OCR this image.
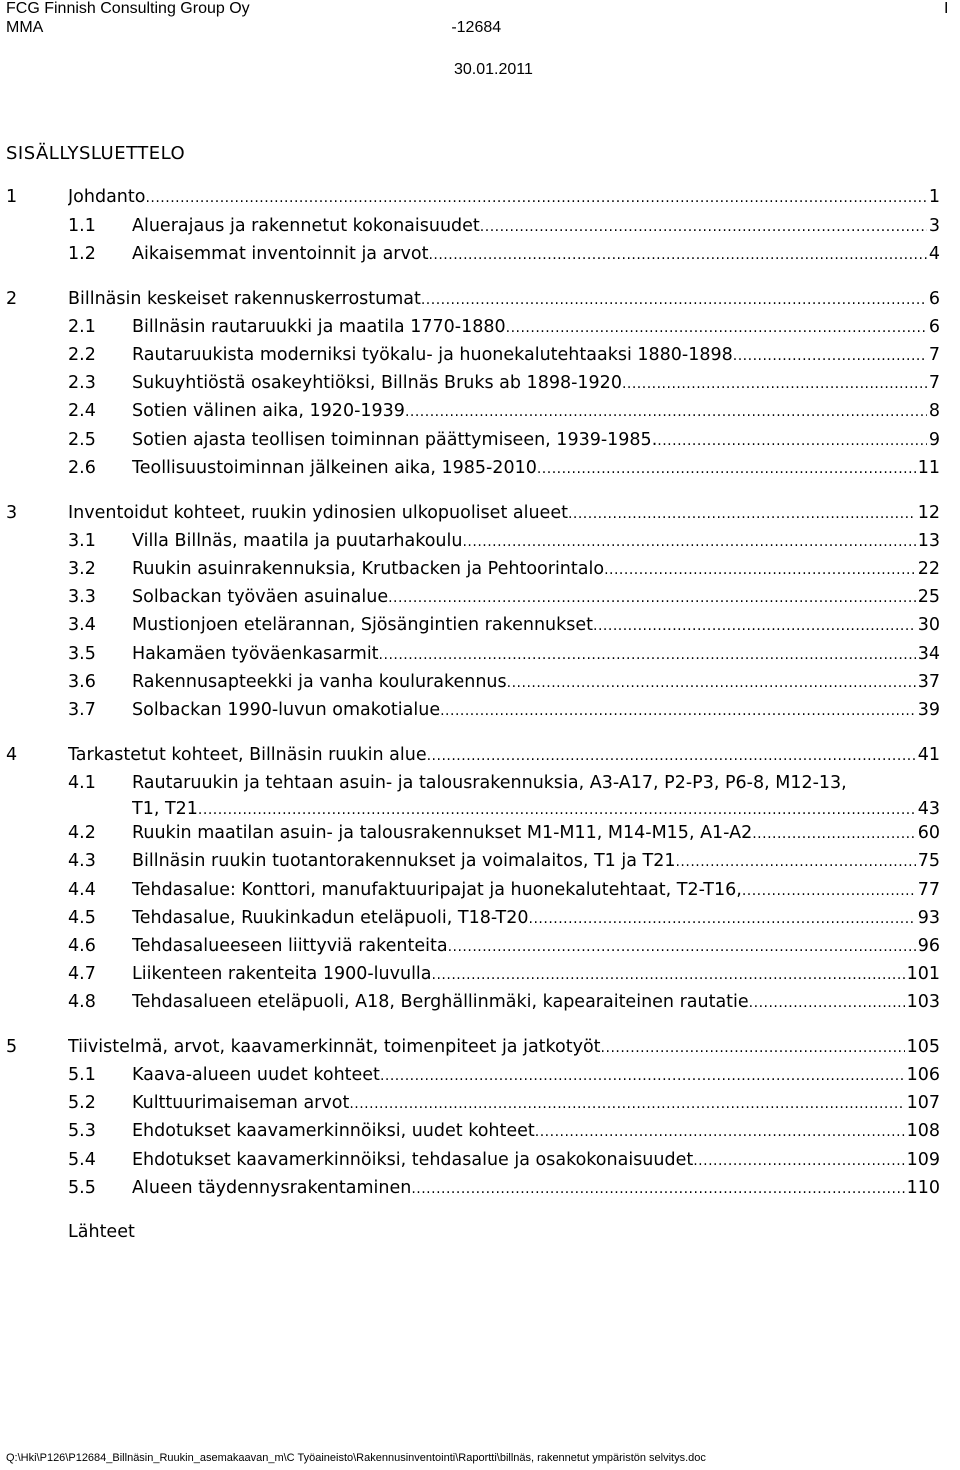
FCG Finnish Consulting Group Oy	I
MMA	-12684
30.01.2011
SISÄLLYSLUETTELO
1	Johdanto .....	1
1.1 Aluerajaus ja rakennetut kokonaisuudet .....	3
1.2 Aikaisemmat inventoinnit ja arvot .....	4
2	Billnäsin keskeiset rakennuskerrostumat .....	6
2.1 Billnäsin rautaruukki ja maatila 1770-1880 .....	6
2.2 Rautaruukista moderniksi työkalu- ja huonekalutehtaaksi 1880-1898 .....	7
2.3 Sukuyhtiöstä osakeyhtiöksi, Billnäs Bruks ab 1898-1920 .....	7
2.4 Sotien välinen aika, 1920-1939 .....	8
2.5 Sotien ajasta teollisen toiminnan päättymiseen, 1939-1985. .....	9
2.6 Teollisuustoiminnan jälkeinen aika, 1985-2010 .....	11
3	Inventoidut kohteet, ruukin ydinosien ulkopuoliset alueet .....	12
3.1 Villa Billnäs, maatila ja puutarhakoulu .....	13
3.2 Ruukin asuinrakennuksia, Krutbacken ja Pehtoorintalo .....	22
3.3 Solbackan työväen asuinalue .....	25
3.4 Mustionjoen etelärannan, Sjösängintien rakennukset .....	30
3.5 Hakamäen työväenkasarmit .....	34
3.6 Rakennusapteekki ja vanha koulurakennus .....	37
3.7 Solbackan 1990-luvun omakotialue .....	39
4	Tarkastetut kohteet, Billnäsin ruukin alue .....	41
4.1 Rautaruukin ja tehtaan asuin- ja talousrakennuksia, A3-A17, P2-P3, P6-8, M12-13,
T1, T21 .....	43
4.2 Ruukin maatilan asuin- ja talousrakennukset M1-M11, M14-M15, A1-A2 .....	60
4.3 Billnäsin ruukin tuotantorakennukset ja voimalaitos, T1 ja T21 .....	75
4.4 Tehdasalue: Konttori, manufaktuuripajat ja huonekalutehtaat, T2-T16, .....	77
4.5 Tehdasalue, Ruukinkadun eteläpuoli, T18-T20 .....	93
4.6 Tehdasalueeseen liittyviä rakenteita .....	96
4.7 Liikenteen rakenteita 1900-luvulla .....	101
4.8 Tehdasalueen eteläpuoli, A18, Berghällinmäki, kapearaiteinen rautatie .....	103
5	Tiivistelmä, arvot, kaavamerkinnät, toimenpiteet ja jatkotyöt .....	105
5.1 Kaava-alueen uudet kohteet .....	106
5.2 Kulttuurimaiseman arvot .....	107
5.3 Ehdotukset kaavamerkinnöiksi, uudet kohteet .....	108
5.4 Ehdotukset kaavamerkinnöiksi, tehdasalue ja osakokonaisuudet .....	109
5.5 Alueen täydennysrakentaminen .....	110
Lähteet
Q:\Hki\P126\P12684_Billnäsin_Ruukin_asemakaavan_m\C Työaineisto\Rakennusinventointi\Raportti\billnäs, rakennetut ympäristön selvitys.doc
